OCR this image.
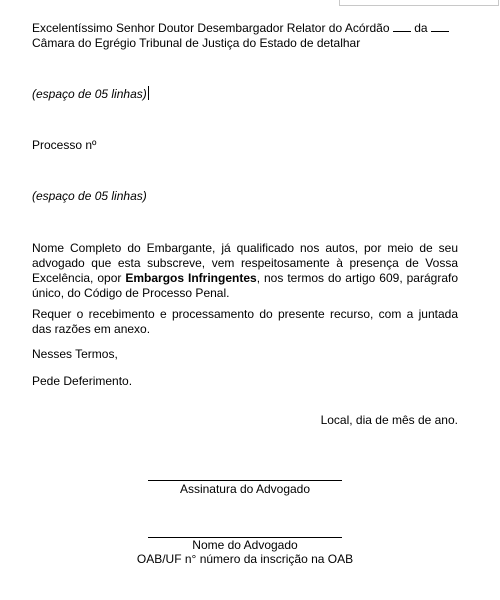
Excelentíssimo Senhor Doutor Desembargador Relator do Acórdão da
Câmara do Egrégio Tribunal de Justiça do Estado de detalhar
(espaço de 05 linhas)
Processo nº
(espaço de 05 linhas)
Nome Completo do Embargante, já qualificado nos autos, por meio de seu advogado que esta subscreve, vem respeitosamente à presença de Vossa Excelência, opor Embargos Infringentes, nos termos do artigo 609, parágrafo único, do Código de Processo Penal.
Requer o recebimento e processamento do presente recurso, com a juntada das razões em anexo.
Nesses Termos,
Pede Deferimento.
Local, dia de mês de ano.
Assinatura do Advogado
Nome do Advogado
OAB/UF n° número da inscrição na OAB
